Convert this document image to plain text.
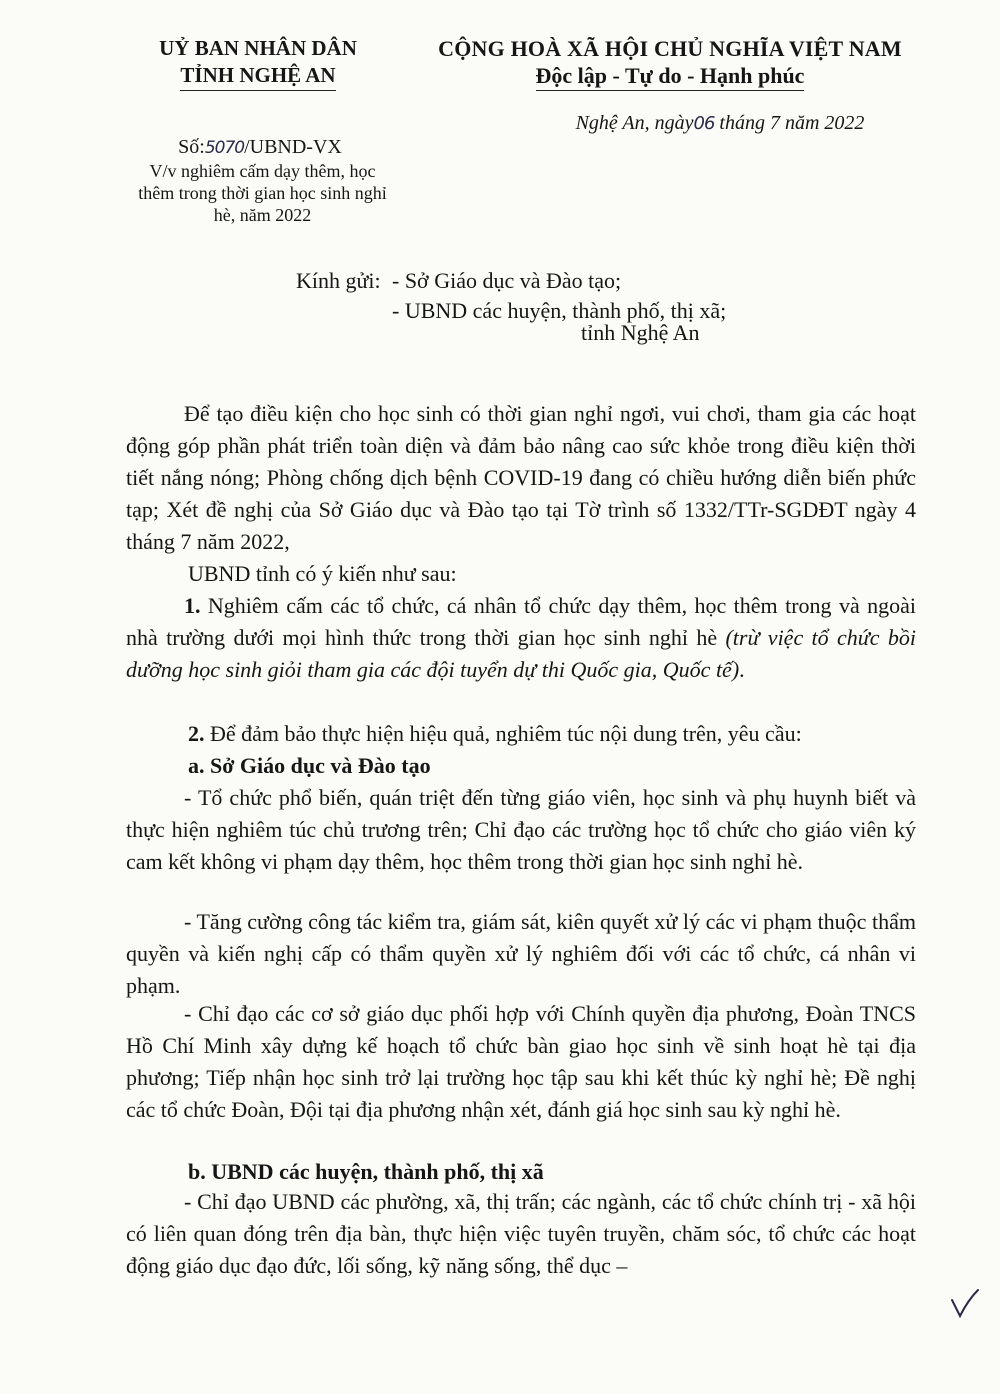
UỶ BAN NHÂN DÂN
TỈNH NGHỆ AN
CỘNG HOÀ XÃ HỘI CHỦ NGHĨA VIỆT NAM
Độc lập - Tự do - Hạnh phúc
Số:5070/UBND-VX
V/v nghiêm cấm dạy thêm, học thêm trong thời gian học sinh nghỉ hè, năm 2022
Nghệ An, ngày06 tháng 7 năm 2022
Kính gửi: - Sở Giáo dục và Đào tạo;
- UBND các huyện, thành phố, thị xã;
tỉnh Nghệ An
Để tạo điều kiện cho học sinh có thời gian nghỉ ngơi, vui chơi, tham gia các hoạt động góp phần phát triển toàn diện và đảm bảo nâng cao sức khỏe trong điều kiện thời tiết nắng nóng; Phòng chống dịch bệnh COVID-19 đang có chiều hướng diễn biến phức tạp; Xét đề nghị của Sở Giáo dục và Đào tạo tại Tờ trình số 1332/TTr-SGDĐT ngày 4 tháng 7 năm 2022,
UBND tỉnh có ý kiến như sau:
1. Nghiêm cấm các tổ chức, cá nhân tổ chức dạy thêm, học thêm trong và ngoài nhà trường dưới mọi hình thức trong thời gian học sinh nghỉ hè (trừ việc tổ chức bồi dưỡng học sinh giỏi tham gia các đội tuyển dự thi Quốc gia, Quốc tế).
2. Để đảm bảo thực hiện hiệu quả, nghiêm túc nội dung trên, yêu cầu:
a. Sở Giáo dục và Đào tạo
- Tổ chức phổ biến, quán triệt đến từng giáo viên, học sinh và phụ huynh biết và thực hiện nghiêm túc chủ trương trên; Chỉ đạo các trường học tổ chức cho giáo viên ký cam kết không vi phạm dạy thêm, học thêm trong thời gian học sinh nghỉ hè.
- Tăng cường công tác kiểm tra, giám sát, kiên quyết xử lý các vi phạm thuộc thẩm quyền và kiến nghị cấp có thẩm quyền xử lý nghiêm đối với các tổ chức, cá nhân vi phạm.
- Chỉ đạo các cơ sở giáo dục phối hợp với Chính quyền địa phương, Đoàn TNCS Hồ Chí Minh xây dựng kế hoạch tổ chức bàn giao học sinh về sinh hoạt hè tại địa phương; Tiếp nhận học sinh trở lại trường học tập sau khi kết thúc kỳ nghỉ hè; Đề nghị các tổ chức Đoàn, Đội tại địa phương nhận xét, đánh giá học sinh sau kỳ nghỉ hè.
b. UBND các huyện, thành phố, thị xã
- Chỉ đạo UBND các phường, xã, thị trấn; các ngành, các tổ chức chính trị - xã hội có liên quan đóng trên địa bàn, thực hiện việc tuyên truyền, chăm sóc, tổ chức các hoạt động giáo dục đạo đức, lối sống, kỹ năng sống, thể dục –
